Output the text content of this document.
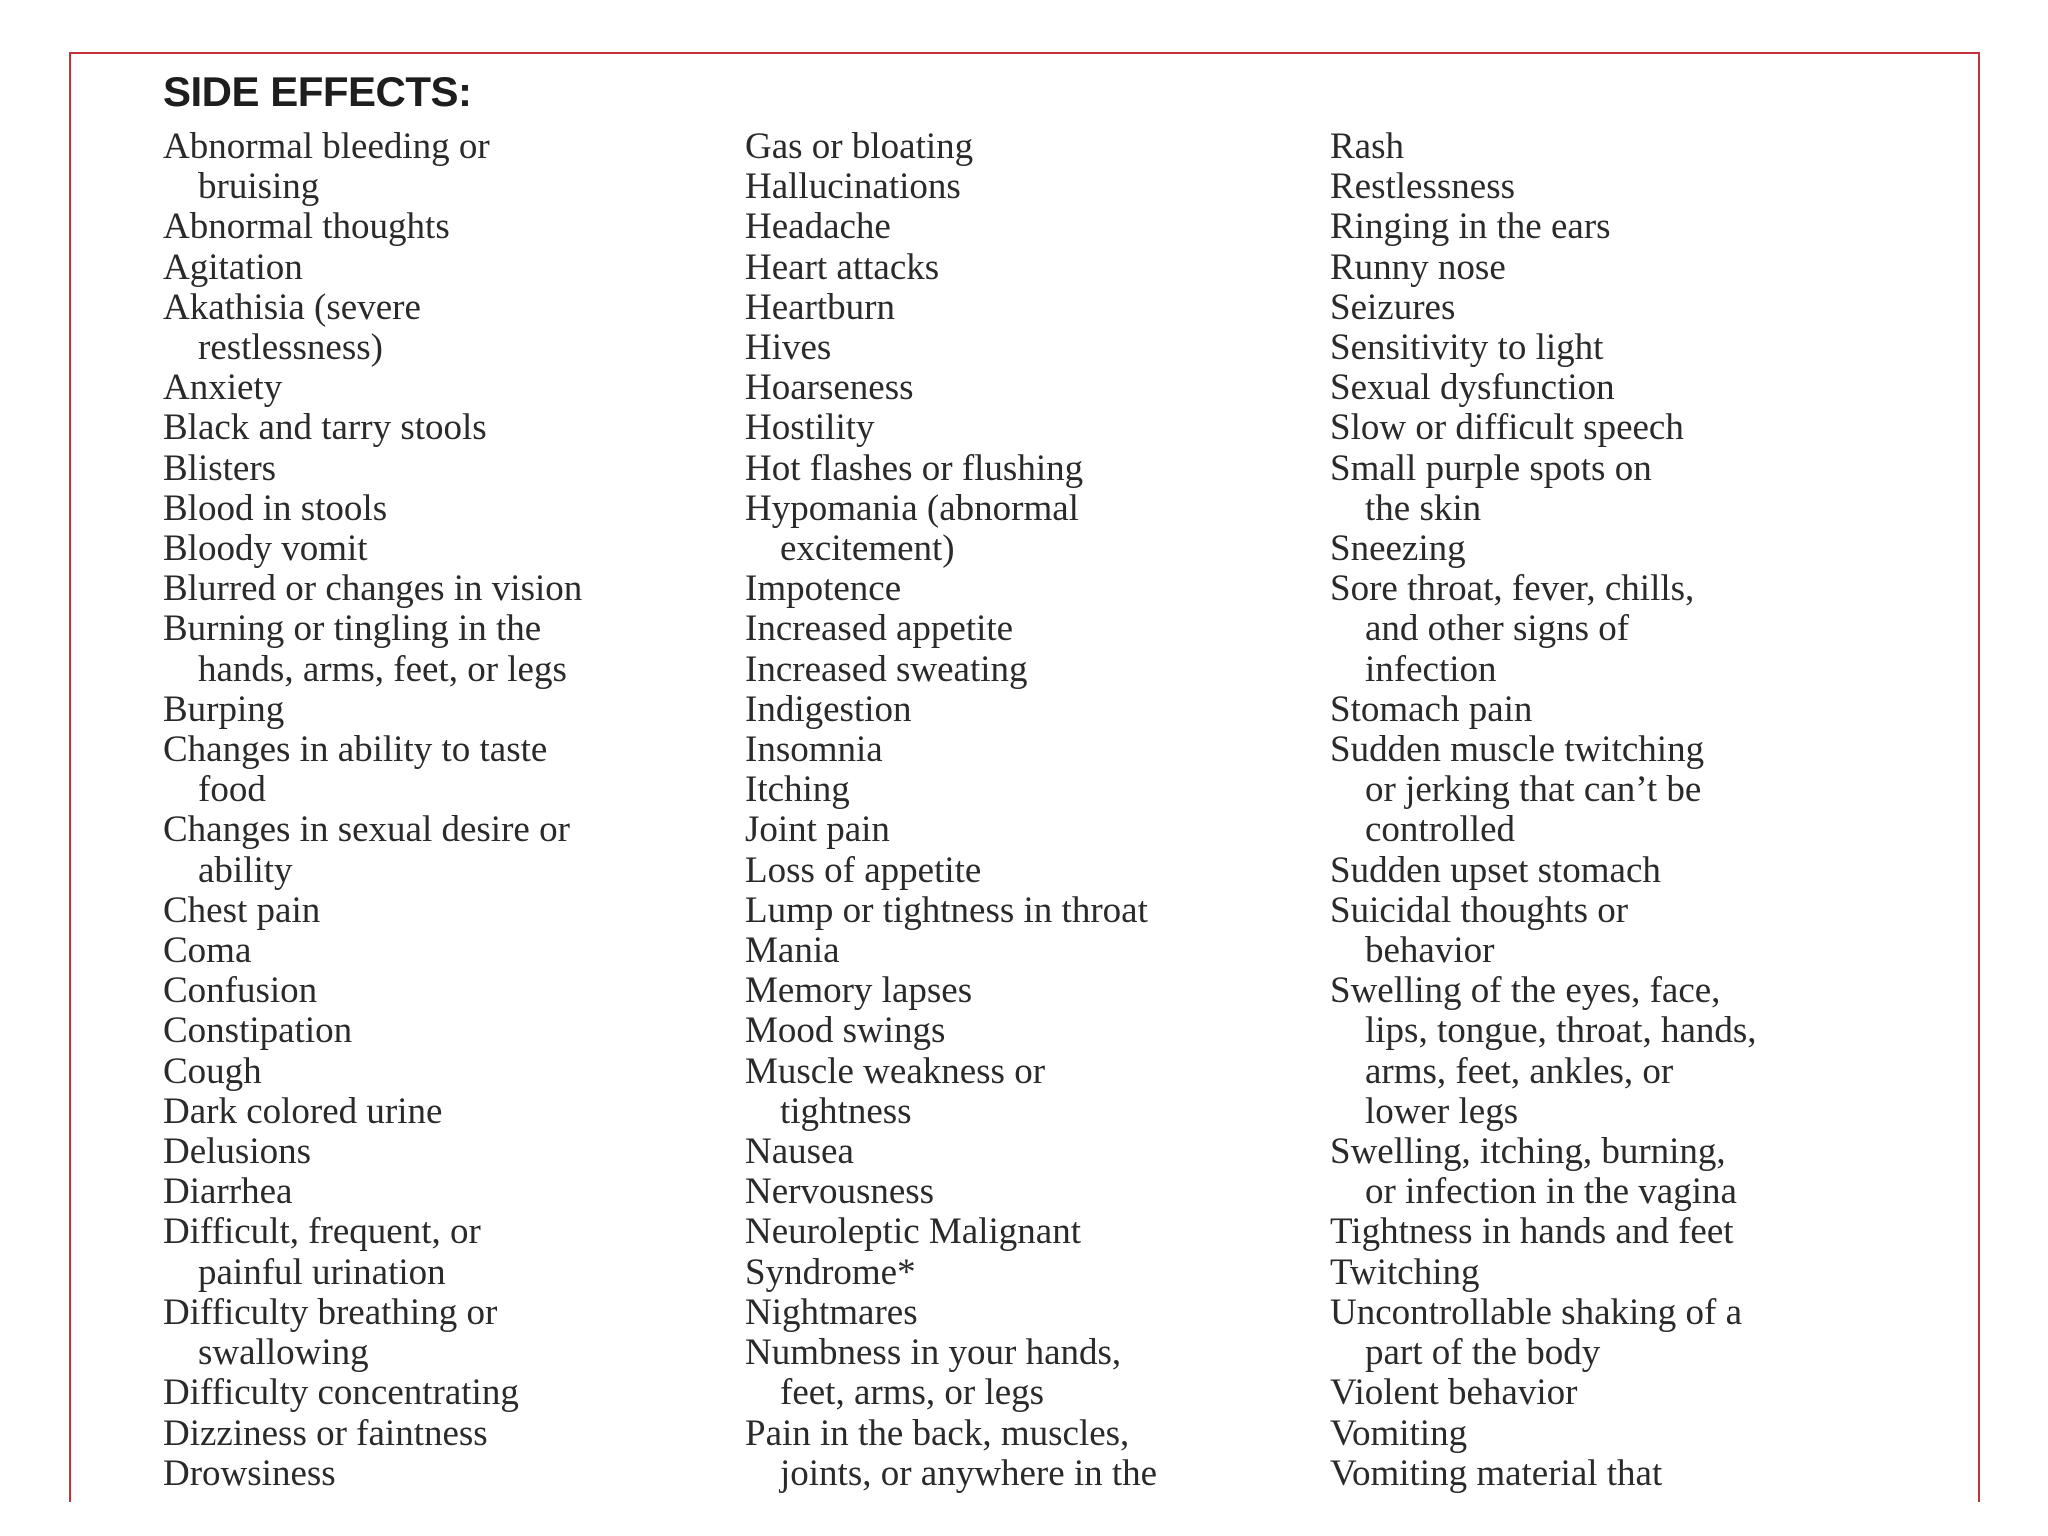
SIDE EFFECTS:
Abnormal bleeding or
bruising
Abnormal thoughts
Agitation
Akathisia (severe
restlessness)
Anxiety
Black and tarry stools
Blisters
Blood in stools
Bloody vomit
Blurred or changes in vision
Burning or tingling in the
hands, arms, feet, or legs
Burping
Changes in ability to taste
food
Changes in sexual desire or
ability
Chest pain
Coma
Confusion
Constipation
Cough
Dark colored urine
Delusions
Diarrhea
Difficult, frequent, or
painful urination
Difficulty breathing or
swallowing
Difficulty concentrating
Dizziness or faintness
Drowsiness
Gas or bloating
Hallucinations
Headache
Heart attacks
Heartburn
Hives
Hoarseness
Hostility
Hot flashes or flushing
Hypomania (abnormal
excitement)
Impotence
Increased appetite
Increased sweating
Indigestion
Insomnia
Itching
Joint pain
Loss of appetite
Lump or tightness in throat
Mania
Memory lapses
Mood swings
Muscle weakness or
tightness
Nausea
Nervousness
Neuroleptic Malignant
Syndrome*
Nightmares
Numbness in your hands,
feet, arms, or legs
Pain in the back, muscles,
joints, or anywhere in the
Rash
Restlessness
Ringing in the ears
Runny nose
Seizures
Sensitivity to light
Sexual dysfunction
Slow or difficult speech
Small purple spots on
the skin
Sneezing
Sore throat, fever, chills,
and other signs of
infection
Stomach pain
Sudden muscle twitching
or jerking that can’t be
controlled
Sudden upset stomach
Suicidal thoughts or
behavior
Swelling of the eyes, face,
lips, tongue, throat, hands,
arms, feet, ankles, or
lower legs
Swelling, itching, burning,
or infection in the vagina
Tightness in hands and feet
Twitching
Uncontrollable shaking of a
part of the body
Violent behavior
Vomiting
Vomiting material that
